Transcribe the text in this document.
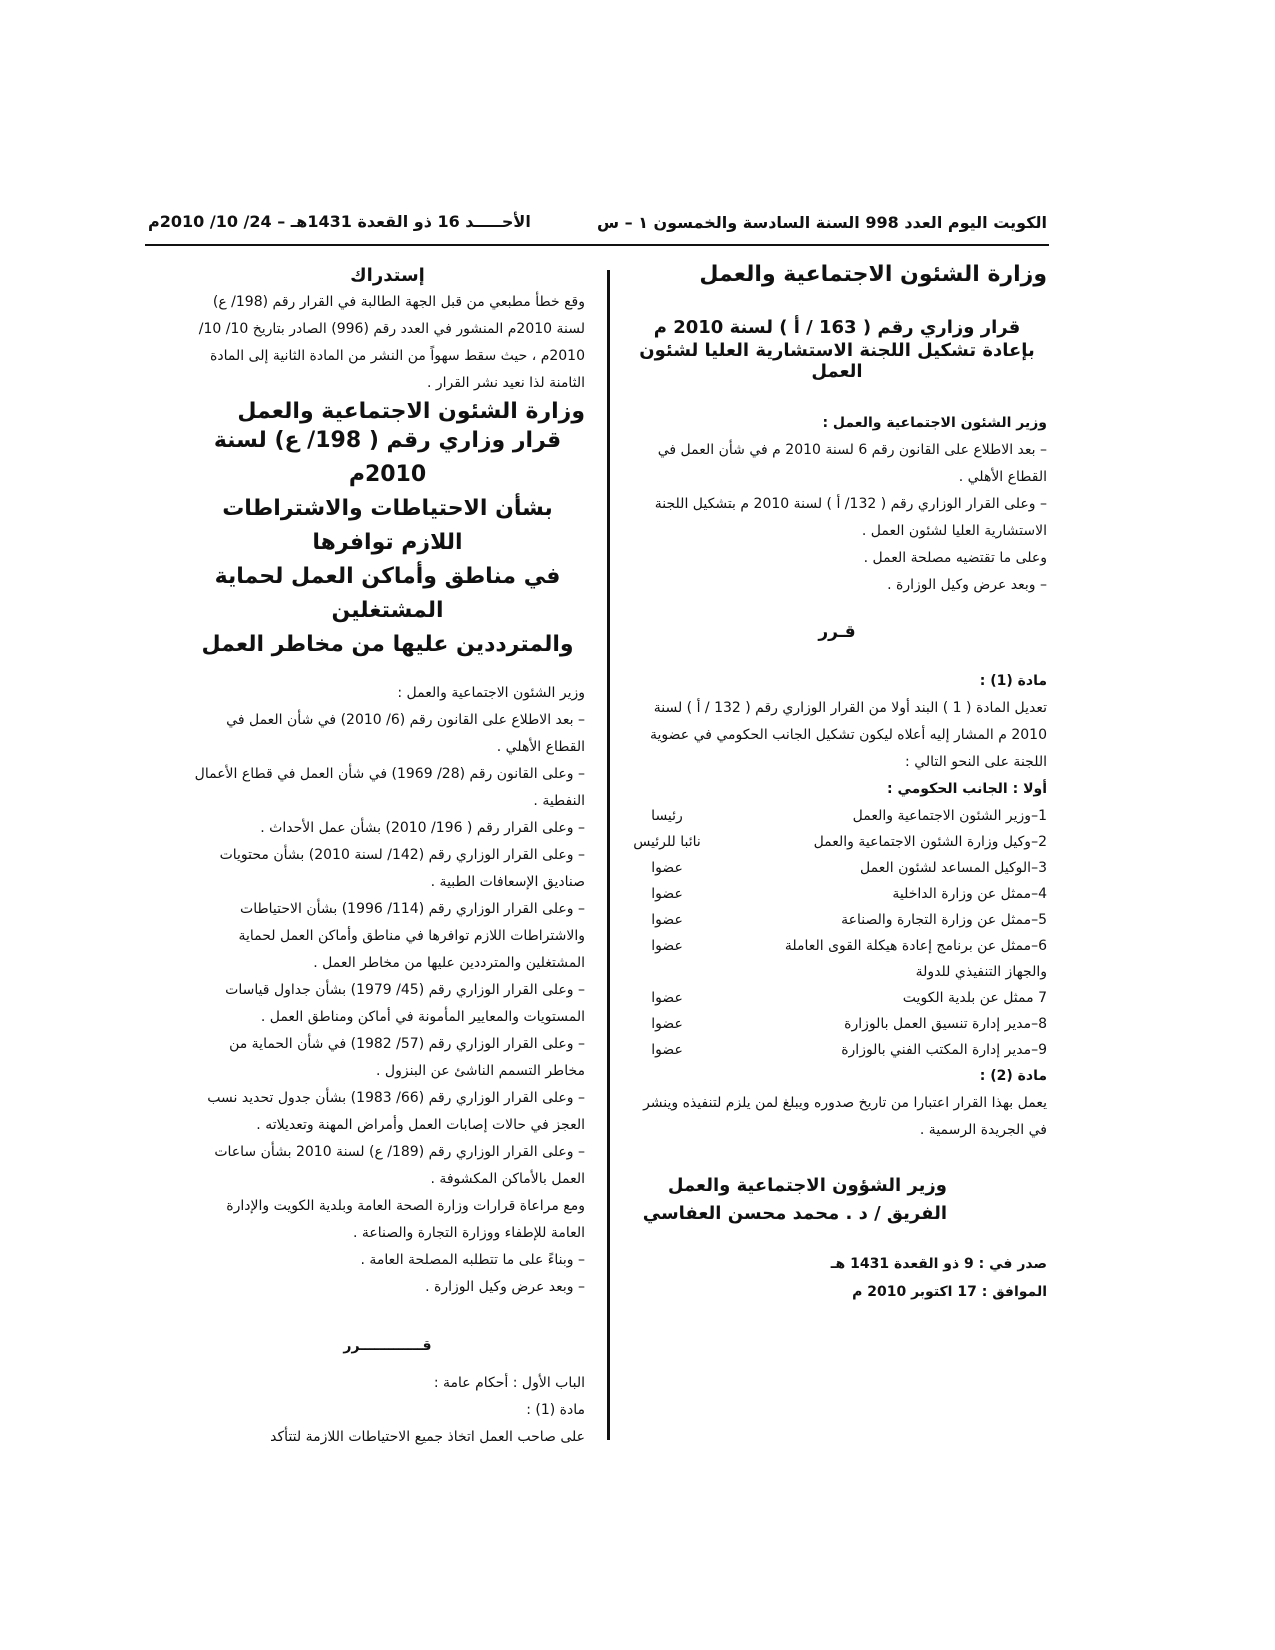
الكويت اليوم العدد 998 السنة السادسة والخمسون ١ – س
الأحـــــد 16 ذو القعدة 1431هـ – 24/ 10/ 2010م

وزارة الشئون الاجتماعية والعمل

قرار وزاري رقم ( 163 / أ ) لسنة 2010 م

بإعادة تشكيل اللجنة الاستشارية العليا لشئون العمل

وزير الشئون الاجتماعية والعمل :

– بعد الاطلاع على القانون رقم 6 لسنة 2010 م في شأن العمل في القطاع الأهلي .

– وعلى القرار الوزاري رقم ( 132/ أ ) لسنة 2010 م بتشكيل اللجنة الاستشارية العليا لشئون العمل .

وعلى ما تقتضيه مصلحة العمل .

– وبعد عرض وكيل الوزارة .

قـرر

مادة (1) :

تعديل المادة ( 1 ) البند أولا من القرار الوزاري رقم ( 132 / أ ) لسنة 2010 م المشار إليه أعلاه ليكون تشكيل الجانب الحكومي في عضوية اللجنة على النحو التالي :

أولا : الجانب الحكومي :

1–وزير الشئون الاجتماعية والعمل
رئيسا
2–وكيل وزارة الشئون الاجتماعية والعمل
نائبا للرئيس
3–الوكيل المساعد لشئون العمل
عضوا
4–ممثل عن وزارة الداخلية
عضوا
5–ممثل عن وزارة التجارة والصناعة
عضوا
6–ممثل عن برنامج إعادة هيكلة القوى العاملة والجهاز التنفيذي للدولة
عضوا
7 ممثل عن بلدية الكويت
عضوا
8–مدير إدارة تنسيق العمل بالوزارة
عضوا
9–مدير إدارة المكتب الفني بالوزارة
عضوا

مادة (2) :

يعمل بهذا القرار اعتبارا من تاريخ صدوره ويبلغ لمن يلزم لتنفيذه وينشر في الجريدة الرسمية .

وزير الشؤون الاجتماعية والعمل

الفريق / د . محمد محسن العفاسي

صدر في : 9 ذو القعدة 1431 هـ

الموافق : 17 اكتوبر 2010 م

إستدراك

وقع خطأ مطبعي من قبل الجهة الطالبة في القرار رقم (198/ ع) لسنة 2010م المنشور في العدد رقم (996) الصادر بتاريخ 10/ 10/ 2010م ، حيث سقط سهواً من النشر من المادة الثانية إلى المادة الثامنة لذا نعيد نشر القرار .

وزارة الشئون الاجتماعية والعمل

قرار وزاري رقم ( 198/ ع) لسنة 2010م

بشأن الاحتياطات والاشتراطات اللازم توافرها

في مناطق وأماكن العمل لحماية المشتغلين

والمترددين عليها من مخاطر العمل

وزير الشئون الاجتماعية والعمل :

– بعد الاطلاع على القانون رقم (6/ 2010) في شأن العمل في القطاع الأهلي .

– وعلى القانون رقم (28/ 1969) في شأن العمل في قطاع الأعمال النفطية .

– وعلى القرار رقم ( 196/ 2010) بشأن عمل الأحداث .

– وعلى القرار الوزاري رقم (142/ لسنة 2010) بشأن محتويات صناديق الإسعافات الطبية .

– وعلى القرار الوزاري رقم (114/ 1996) بشأن الاحتياطات والاشتراطات اللازم توافرها في مناطق وأماكن العمل لحماية المشتغلين والمترددين عليها من مخاطر العمل .

– وعلى القرار الوزاري رقم (45/ 1979) بشأن جداول قياسات المستويات والمعايير المأمونة في أماكن ومناطق العمل .

– وعلى القرار الوزاري رقم (57/ 1982) في شأن الحماية من مخاطر التسمم الناشئ عن البنزول .

– وعلى القرار الوزاري رقم (66/ 1983) بشأن جدول تحديد نسب العجز في حالات إصابات العمل وأمراض المهنة وتعديلاته .

– وعلى القرار الوزاري رقم (189/ ع) لسنة 2010 بشأن ساعات العمل بالأماكن المكشوفة .

ومع مراعاة قرارات وزارة الصحة العامة وبلدية الكويت والإدارة العامة للإطفاء ووزارة التجارة والصناعة .

– وبناءً على ما تتطلبه المصلحة العامة .

– وبعد عرض وكيل الوزارة .

قـــــــــــــرر

الباب الأول : أحكام عامة :

مادة (1) :

على صاحب العمل اتخاذ جميع الاحتياطات اللازمة لتتأكد
